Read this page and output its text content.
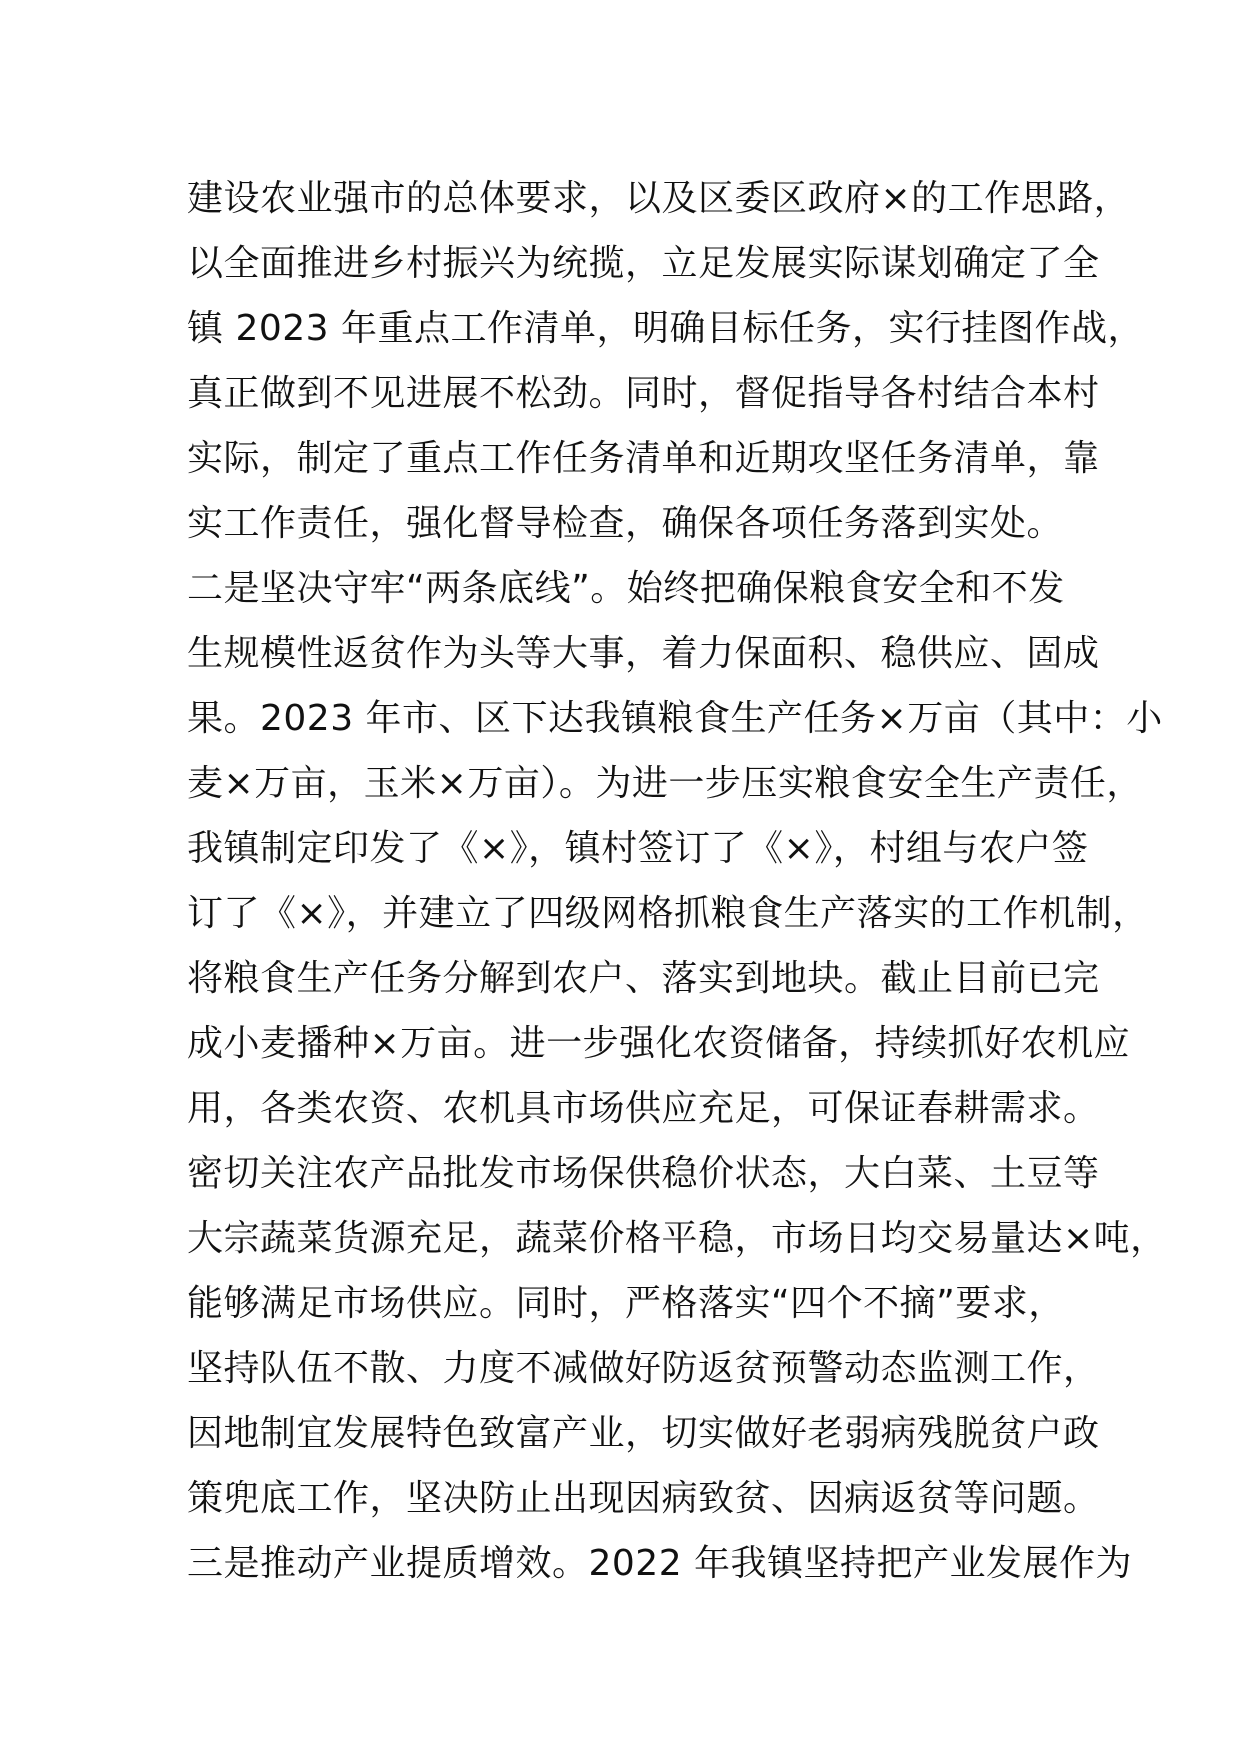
建设农业强市的总体要求，以及区委区政府×的工作思路，
以全面推进乡村振兴为统揽，立足发展实际谋划确定了全
镇 2023 年重点工作清单，明确目标任务，实行挂图作战，
真正做到不见进展不松劲。同时，督促指导各村结合本村
实际，制定了重点工作任务清单和近期攻坚任务清单，靠
实工作责任，强化督导检查，确保各项任务落到实处。
二是坚决守牢“两条底线”。始终把确保粮食安全和不发
生规模性返贫作为头等大事，着力保面积、稳供应、固成
果。2023 年市、区下达我镇粮食生产任务×万亩（其中：小
麦×万亩，玉米×万亩）。为进一步压实粮食安全生产责任，
我镇制定印发了《×》，镇村签订了《×》，村组与农户签
订了《×》，并建立了四级网格抓粮食生产落实的工作机制，
将粮食生产任务分解到农户、落实到地块。截止目前已完
成小麦播种×万亩。进一步强化农资储备，持续抓好农机应
用，各类农资、农机具市场供应充足，可保证春耕需求。
密切关注农产品批发市场保供稳价状态，大白菜、土豆等
大宗蔬菜货源充足，蔬菜价格平稳，市场日均交易量达×吨，
能够满足市场供应。同时，严格落实“四个不摘”要求，
坚持队伍不散、力度不减做好防返贫预警动态监测工作，
因地制宜发展特色致富产业，切实做好老弱病残脱贫户政
策兜底工作，坚决防止出现因病致贫、因病返贫等问题。
三是推动产业提质增效。2022 年我镇坚持把产业发展作为
